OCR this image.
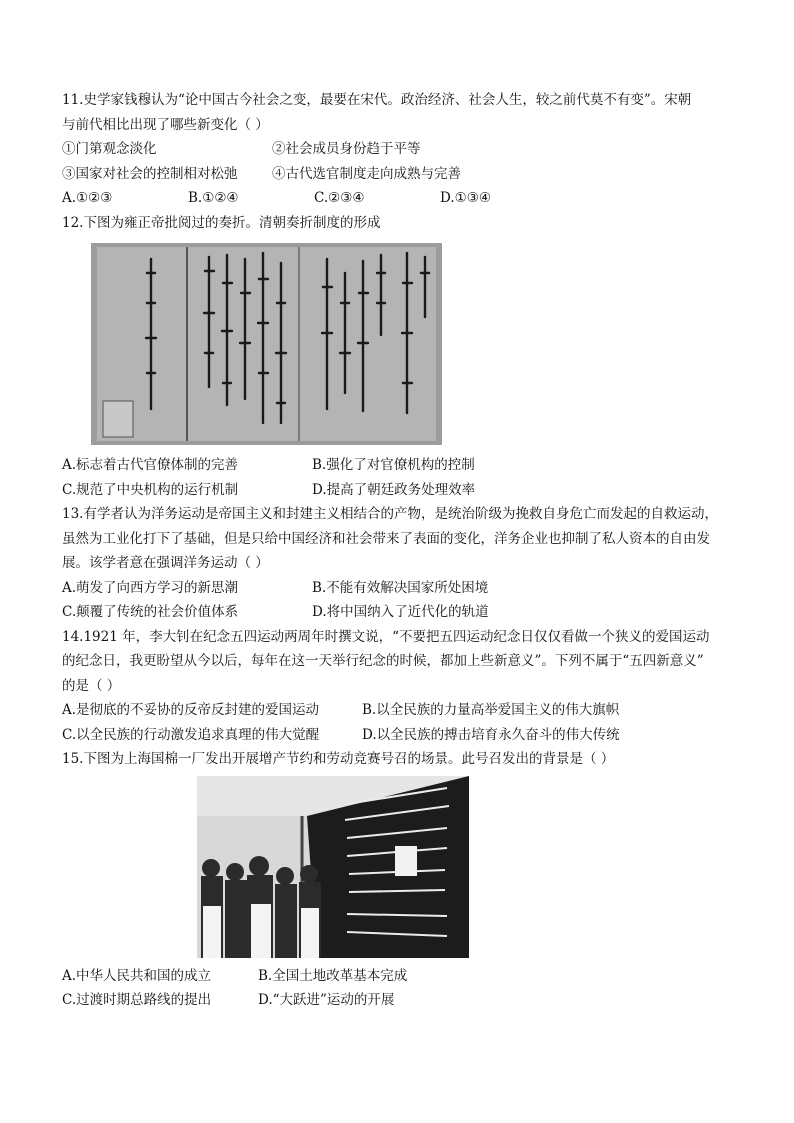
11.史学家钱穆认为“论中国古今社会之变，最要在宋代。政治经济、社会人生，较之前代莫不有变”。宋朝
与前代相比出现了哪些新变化（ ）
①门第观念淡化	②社会成员身份趋于平等
③国家对社会的控制相对松弛	④古代选官制度走向成熟与完善
A.①②③	B.①②④	C.②③④	D.①③④
12.下图为雍正帝批阅过的奏折。清朝奏折制度的形成
A.标志着古代官僚体制的完善	B.强化了对官僚机构的控制
C.规范了中央机构的运行机制	D.提高了朝廷政务处理效率
13.有学者认为洋务运动是帝国主义和封建主义相结合的产物，是统治阶级为挽救自身危亡而发起的自救运动，
虽然为工业化打下了基础，但是只给中国经济和社会带来了表面的变化，洋务企业也抑制了私人资本的自由发
展。该学者意在强调洋务运动（ ）
A.萌发了向西方学习的新思潮	B.不能有效解决国家所处困境
C.颠覆了传统的社会价值体系	D.将中国纳入了近代化的轨道
14.1921 年，李大钊在纪念五四运动两周年时撰文说，“不要把五四运动纪念日仅仅看做一个狭义的爱国运动
的纪念日，我更盼望从今以后，每年在这一天举行纪念的时候，都加上些新意义”。下列不属于“五四新意义”
的是（ ）
A.是彻底的不妥协的反帝反封建的爱国运动	B.以全民族的力量高举爱国主义的伟大旗帜
C.以全民族的行动激发追求真理的伟大觉醒	D.以全民族的搏击培育永久奋斗的伟大传统
15.下图为上海国棉一厂发出开展增产节约和劳动竞赛号召的场景。此号召发出的背景是（ ）
A.中华人民共和国的成立	B.全国土地改革基本完成
C.过渡时期总路线的提出	D.“大跃进”运动的开展
